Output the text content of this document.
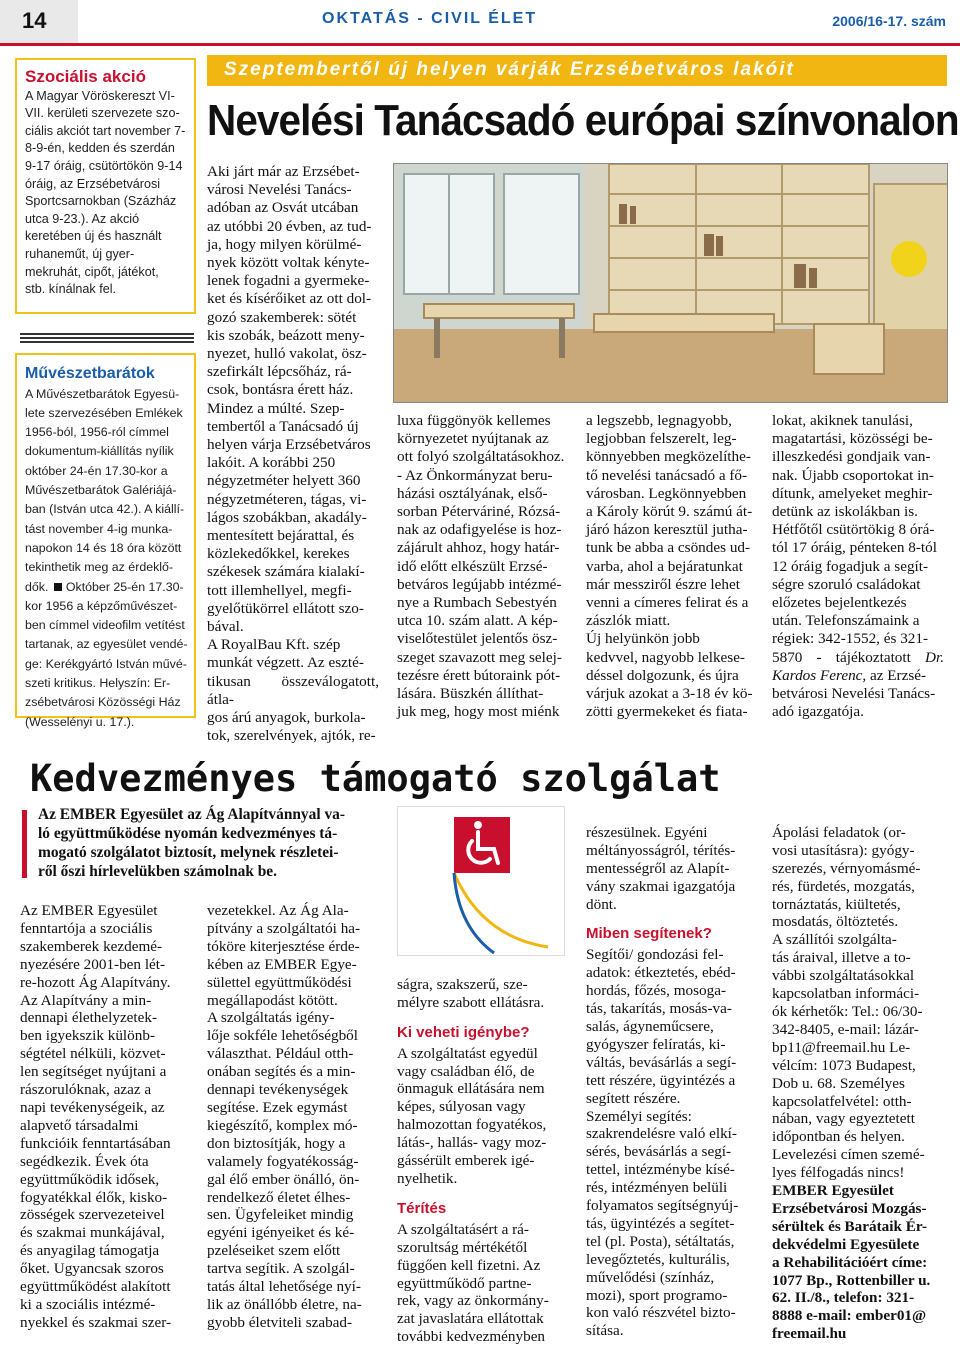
14	OKTATÁS - CIVIL ÉLET	2006/16-17. szám
Szociális akció

A Magyar Vöröskereszt VI-
VII. kerületi szervezete szo-
ciális akciót tart november 7-
8-9-én, kedden és szerdán
9-17 óráig, csütörtökön 9-14
óráig, az Erzsébetvárosi
Sportcsarnokban (Százház
utca 9-23.). Az akció
keretében új és használt
ruhaneműt, új gyer-
mekruhát, cipőt, játékot,
stb. kínálnak fel.

Művészetbarátok

A Művészetbarátok Egyesü-
lete szervezésében Emlékek
1956-ból, 1956-ról címmel
dokumentum-kiállítás nyílik
október 24-én 17.30-kor a
Művészetbarátok Galériájá-
ban (István utca 42.). A kiállí-
tást november 4-ig munka-
napokon 14 és 18 óra között
tekinthetik meg az érdeklő-
dők. Október 25-én 17.30-
kor 1956 a képzőművészet-
ben címmel videofilm vetítést
tartanak, az egyesület vendé-
ge: Kerékgyártó István művé-
szeti kritikus. Helyszín: Er-
zsébetvárosi Közösségi Ház
(Wesselényi u. 17.).

Szeptembertől új helyen várják Erzsébetváros lakóit
Nevelési Tanácsadó európai színvonalon
Aki járt már az Erzsébet-
városi Nevelési Tanács-
adóban az Osvát utcában
az utóbbi 20 évben, az tud-
ja, hogy milyen körülmé-
nyek között voltak kényte-
lenek fogadni a gyermeke-
ket és kísérőiket az ott dol-
gozó szakemberek: sötét
kis szobák, beázott meny-
nyezet, hulló vakolat, ösz-
szefirkált lépcsőház, rá-
csok, bontásra érett ház.
Mindez a múlté. Szep-
tembertől a Tanácsadó új
helyen várja Erzsébetváros
lakóit. A korábbi 250
négyzetméter helyett 360
négyzetméteren, tágas, vi-
lágos szobákban, akadály-
mentesített bejárattal, és
közlekedőkkel, kerekes
székesek számára kialakí-
tott illemhellyel, megfi-
gyelőtükörrel ellátott szo-
bával.
A RoyalBau Kft. szép
munkát végzett. Az eszté-
tikusan összeválogatott, átla-
gos árú anyagok, burkola-
tok, szerelvények, ajtók, re-
luxa függönyök kellemes
környezetet nyújtanak az
ott folyó szolgáltatásokhoz.
- Az Önkormányzat beru-
házási osztályának, első-
sorban Péterváriné, Rózsá-
nak az odafigyelése is hoz-
zájárult ahhoz, hogy határ-
idő előtt elkészült Erzsé-
betváros legújabb intézmé-
nye a Rumbach Sebestyén
utca 10. szám alatt. A kép-
viselőtestület jelentős ösz-
szeget szavazott meg selej-
tezésre érett bútoraink pót-
lására. Büszkén állíthat-
juk meg, hogy most miénk
a legszebb, legnagyobb,
legjobban felszerelt, leg-
könnyebben megközelíthe-
tő nevelési tanácsadó a fő-
városban. Legkönnyebben
a Károly körút 9. számú át-
járó házon keresztül jutha-
tunk be abba a csöndes ud-
varba, ahol a bejáratunkat
már messziről észre lehet
venni a címeres felirat és a
zászlók miatt.
Új helyünkön jobb
kedvvel, nagyobb lelkese-
déssel dolgozunk, és újra
várjuk azokat a 3-18 év kö-
zötti gyermekeket és fiata-
lokat, akiknek tanulási,
magatartási, közösségi be-
illeszkedési gondjaik van-
nak. Újabb csoportokat in-
dítunk, amelyeket meghir-
detünk az iskolákban is.
Hétfőtől csütörtökig 8 órá-
tól 17 óráig, pénteken 8-tól
12 óráig fogadjuk a segít-
ségre szoruló családokat
előzetes bejelentkezés
után. Telefonszámaink a
régiek: 342-1552, és 321-
5870 - tájékoztatott Dr. Kardos Ferenc, az Erzsé-
betvárosi Nevelési Tanács-
adó igazgatója.
Kedvezményes támogató szolgálat
Az EMBER Egyesület az Ág Alapítvánnyal va-
ló együttműködése nyomán kedvezményes tá-
mogató szolgálatot biztosít, melynek részletei-
ről őszi hírlevelükben számolnak be.
Az EMBER Egyesület
fenntartója a szociális
szakemberek kezdemé-
nyezésére 2001-ben lét-
re-hozott Ág Alapítvány.
Az Alapítvány a min-
dennapi élethelyzetek-
ben igyekszik különb-
ségtétel nélküli, közvet-
len segítséget nyújtani a
rászorulóknak, azaz a
napi tevékenységeik, az
alapvető társadalmi
funkcióik fenntartásában
segédkezik. Évek óta
együttműködik idősek,
fogyatékkal élők, kisko-
zösségek szervezeteivel
és szakmai munkájával,
és anyagilag támogatja
őket. Ugyancsak szoros
együttműködést alakított
ki a szociális intézmé-
nyekkel és szakmai szer-
vezetekkel. Az Ág Ala-
pítvány a szolgáltatói ha-
tóköre kiterjesztése érde-
kében az EMBER Egye-
sülettel együttműködési
megállapodást kötött.
A szolgáltatás igény-
lője sokféle lehetőségből
választhat. Például otth-
onában segítés és a min-
dennapi tevékenységek
segítése. Ezek egymást
kiegészítő, komplex mó-
don biztosítják, hogy a
valamely fogyatékosság-
gal élő ember önálló, ön-
rendelkező életet élhes-
sen. Ügyfeleiket mindig
egyéni igényeiket és ké-
pzeléseiket szem előtt
tartva segítik. A szolgál-
tatás által lehetősége nyí-
lik az önállóbb életre, na-
gyobb életviteli szabad-

ságra, szakszerű, sze-
mélyre szabott ellátásra.

Ki veheti igénybe?
A szolgáltatást egyedül
vagy családban élő, de
önmaguk ellátására nem
képes, súlyosan vagy
halmozottan fogyatékos,
látás-, hallás- vagy moz-
gássérült emberek igé-
nyelhetik.

Térítés
A szolgáltatásért a rá-
szorultság mértékétől
függően kell fizetni. Az
együttműködő partne-
rek, vagy az önkormány-
zat javaslatára ellátottak
további kedvezményben

részesülnek. Egyéni
méltányosságról, térítés-
mentességről az Alapít-
vány szakmai igazgatója
dönt.

Miben segítenek?
Segítői/ gondozási fel-
adatok: étkeztetés, ebéd-
hordás, főzés, mosoga-
tás, takarítás, mosás-va-
salás, ágyneműcsere,
gyógyszer felíratás, ki-
váltás, bevásárlás a segí-
tett részére, ügyintézés a
segített részére.
Személyi segítés:
szakrendelésre való elkí-
sérés, bevásárlás a segí-
tettel, intézménybe kísé-
rés, intézményen belüli
folyamatos segítségnyúj-
tás, ügyintézés a segítet-
tel (pl. Posta), sétáltatás,
levegőztetés, kulturális,
művelődési (színház,
mozi), sport programo-
kon való részvétel bizto-
sítása.

Ápolási feladatok (or-
vosi utasításra): gyógy-
szerezés, vérnyomásmé-
rés, fürdetés, mozgatás,
tornáztatás, kiültetés,
mosdatás, öltöztetés.
A szállítói szolgálta-
tás áraival, illetve a to-
vábbi szolgáltatásokkal
kapcsolatban informáci-
ók kérhetők: Tel.: 06/30-
342-8405, e-mail: lázár-
bp11@freemail.hu Le-
vélcím: 1073 Budapest,
Dob u. 68. Személyes
kapcsolatfelvétel: otth-
nában, vagy egyeztetett
időpontban és helyen.
Levelezési címen szemé-
lyes félfogadás nincs!

EMBER Egyesület
Erzsébetvárosi Mozgás-
sérültek és Barátaik Ér-
dekvédelmi Egyesülete
a Rehabilitációért címe:
1077 Bp., Rottenbiller u.
62. II./8., telefon: 321-
8888 e-mail: ember01@
freemail.hu
